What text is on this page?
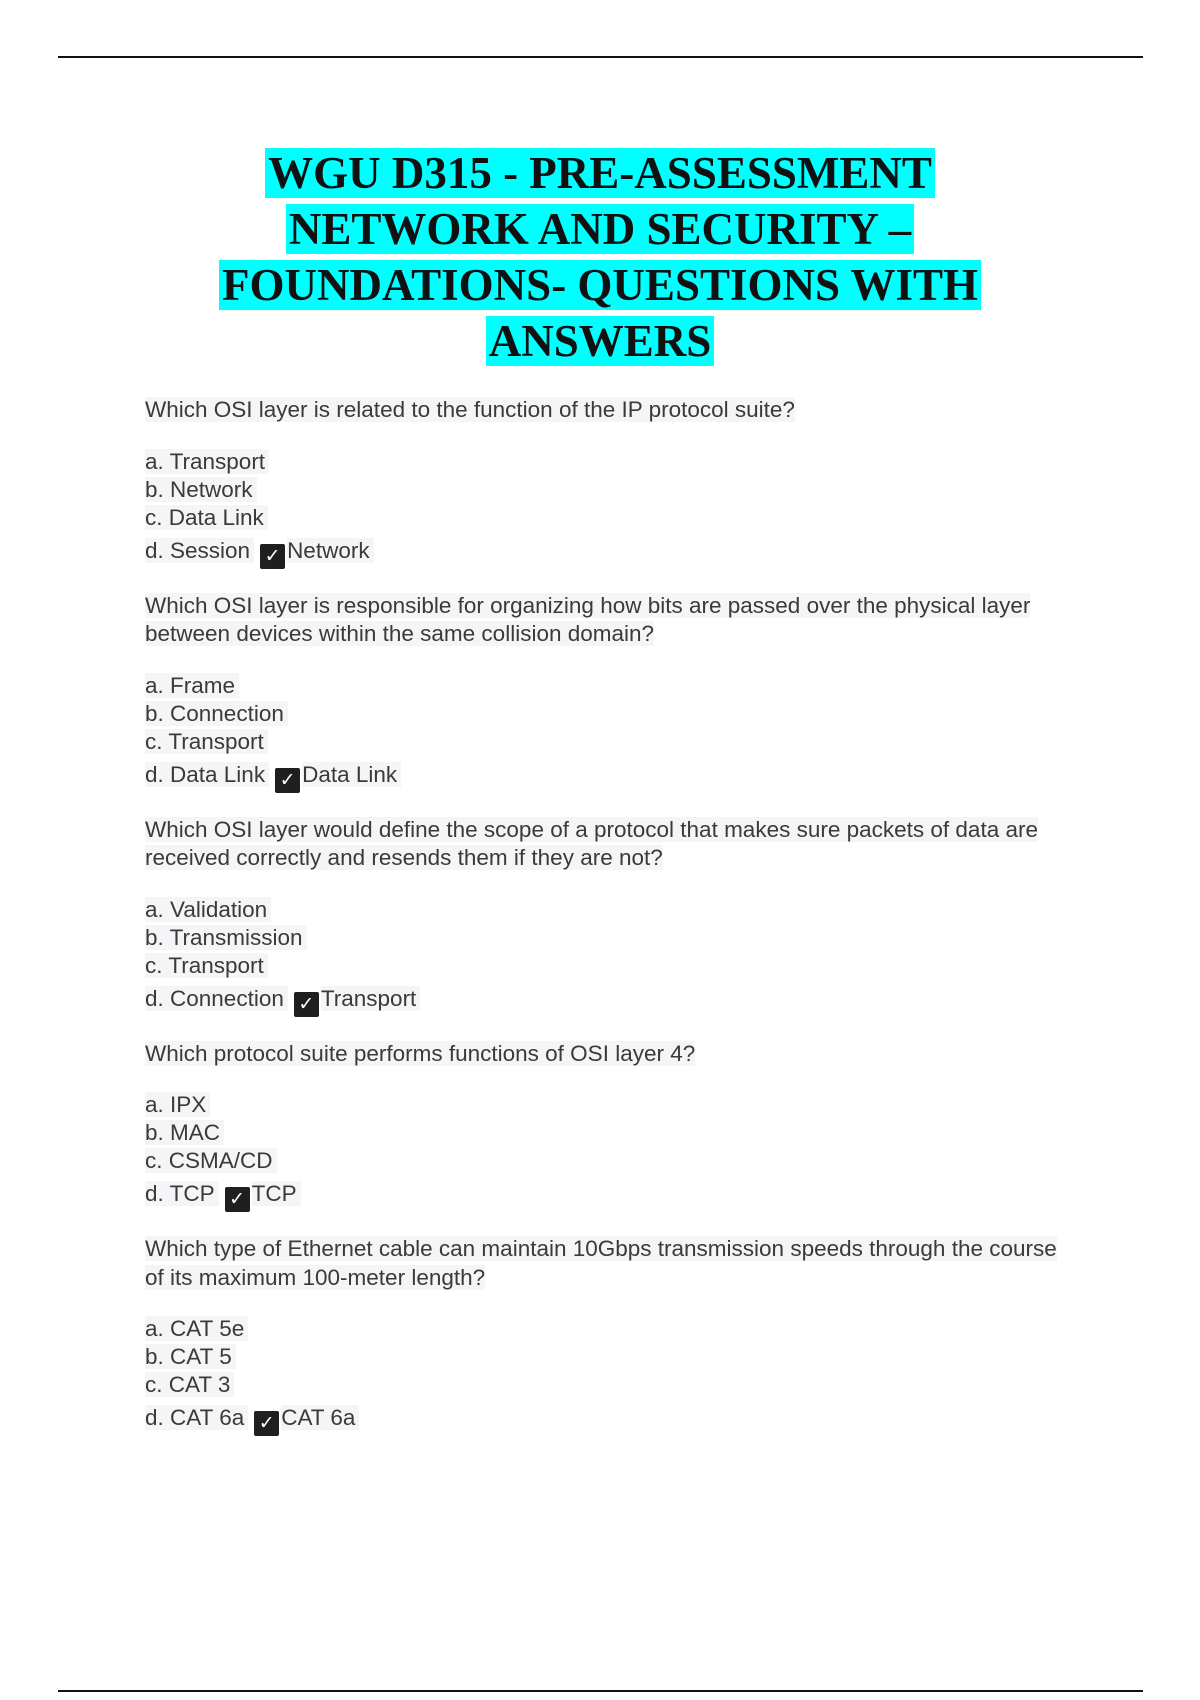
WGU D315 - PRE-ASSESSMENT
NETWORK AND SECURITY –
FOUNDATIONS- QUESTIONS WITH
ANSWERS
Which OSI layer is related to the function of the IP protocol suite?
a. Transport
b. Network
c. Data Link
d. Session ✓ Network
Which OSI layer is responsible for organizing how bits are passed over the physical layer between devices within the same collision domain?
a. Frame
b. Connection
c. Transport
d. Data Link ✓ Data Link
Which OSI layer would define the scope of a protocol that makes sure packets of data are received correctly and resends them if they are not?
a. Validation
b. Transmission
c. Transport
d. Connection ✓ Transport
Which protocol suite performs functions of OSI layer 4?
a. IPX
b. MAC
c. CSMA/CD
d. TCP ✓ TCP
Which type of Ethernet cable can maintain 10Gbps transmission speeds through the course of its maximum 100-meter length?
a. CAT 5e
b. CAT 5
c. CAT 3
d. CAT 6a ✓ CAT 6a
